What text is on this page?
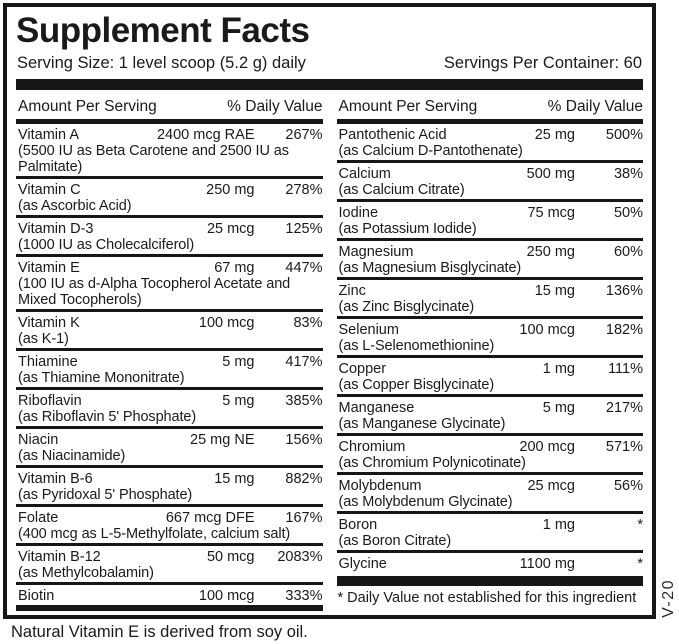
Supplement Facts
Serving Size: 1 level scoop (5.2 g) daily	Servings Per Container: 60
Amount Per Serving	% Daily Value
Vitamin A	2400 mcg RAE	267%
(5500 IU as Beta Carotene and 2500 IU as Palmitate)
Vitamin C	250 mg	278%
(as Ascorbic Acid)
Vitamin D-3	25 mcg	125%
(1000 IU as Cholecalciferol)
Vitamin E	67 mg	447%
(100 IU as d-Alpha Tocopherol Acetate and Mixed Tocopherols)
Vitamin K	100 mcg	83%
(as K-1)
Thiamine	5 mg	417%
(as Thiamine Mononitrate)
Riboflavin	5 mg	385%
(as Riboflavin 5' Phosphate)
Niacin	25 mg NE	156%
(as Niacinamide)
Vitamin B-6	15 mg	882%
(as Pyridoxal 5' Phosphate)
Folate	667 mcg DFE	167%
(400 mcg as L-5-Methylfolate, calcium salt)
Vitamin B-12	50 mcg	2083%
(as Methylcobalamin)
Biotin	100 mcg	333%
Amount Per Serving	% Daily Value
Pantothenic Acid	25 mg	500%
(as Calcium D-Pantothenate)
Calcium	500 mg	38%
(as Calcium Citrate)
Iodine	75 mcg	50%
(as Potassium Iodide)
Magnesium	250 mg	60%
(as Magnesium Bisglycinate)
Zinc	15 mg	136%
(as Zinc Bisglycinate)
Selenium	100 mcg	182%
(as L-Selenomethionine)
Copper	1 mg	111%
(as Copper Bisglycinate)
Manganese	5 mg	217%
(as Manganese Glycinate)
Chromium	200 mcg	571%
(as Chromium Polynicotinate)
Molybdenum	25 mcg	56%
(as Molybdenum Glycinate)
Boron	1 mg	*
(as Boron Citrate)
Glycine	1100 mg	*
* Daily Value not established for this ingredient
Natural Vitamin E is derived from soy oil.
V-20
